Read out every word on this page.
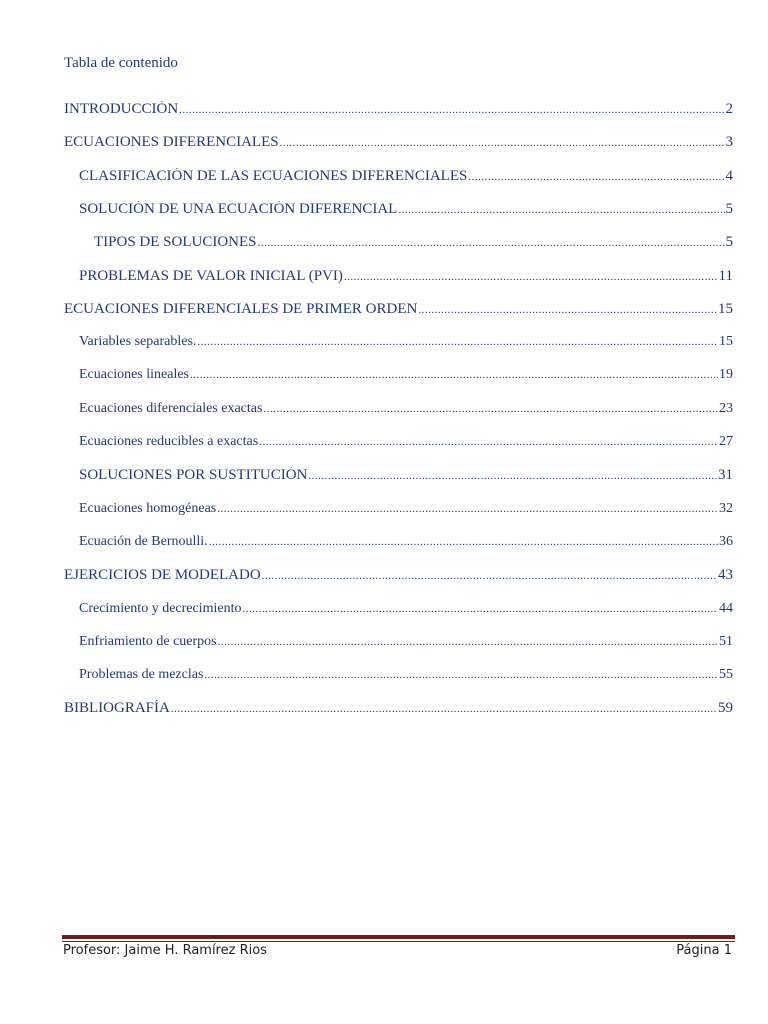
Tabla de contenido
INTRODUCCIÓN .....	2
ECUACIONES DIFERENCIALES .....	3
CLASIFICACIÓN DE LAS ECUACIONES DIFERENCIALES .....	4
SOLUCIÓN DE UNA ECUACIÓN DIFERENCIAL .....	5
TIPOS DE SOLUCIONES .....	5
PROBLEMAS DE VALOR INICIAL (PVI) .....	11
ECUACIONES DIFERENCIALES DE PRIMER ORDEN .....	15
Variables separables. .....	15
Ecuaciones lineales .....	19
Ecuaciones diferenciales exactas .....	23
Ecuaciones reducibles a exactas .....	27
SOLUCIONES POR SUSTITUCIÓN .....	31
Ecuaciones homogéneas .....	32
Ecuación de Bernoulli. .....	36
EJERCICIOS DE MODELADO .....	43
Crecimiento y decrecimiento .....	44
Enfriamiento de cuerpos .....	51
Problemas de mezclas .....	55
BIBLIOGRAFÍA .....	59
Profesor: Jaime H. Ramírez Rios	Página 1
